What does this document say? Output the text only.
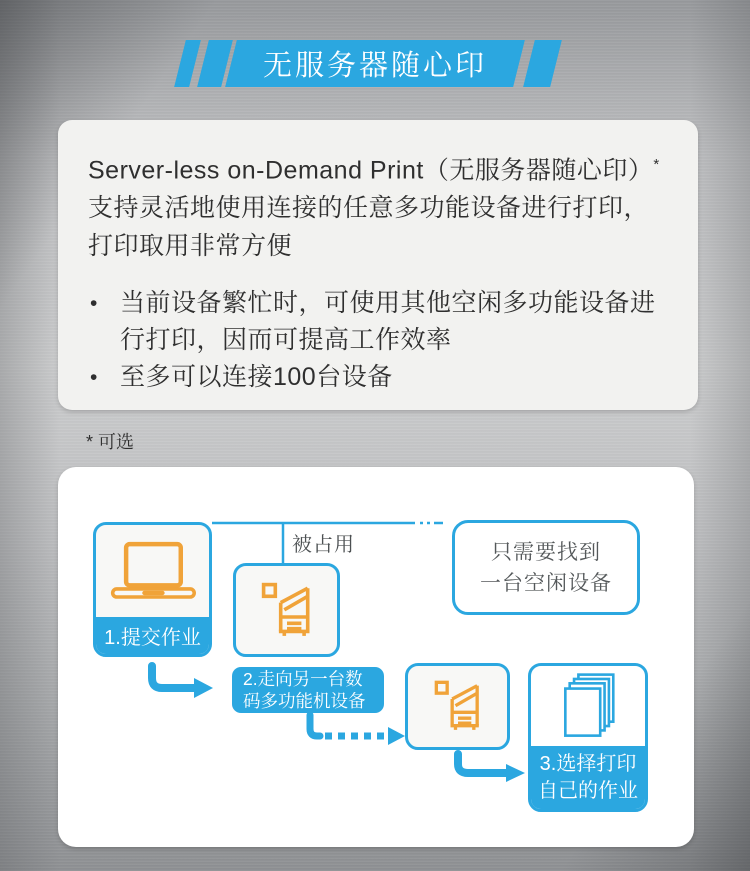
无服务器随心印

Server-less on-Demand Print（无服务器随心印）*
支持灵活地使用连接的任意多功能设备进行打印，打印取用非常方便

• 当前设备繁忙时，可使用其他空闲多功能设备进行打印，因而可提高工作效率
• 至多可以连接100台设备
* 可选
被占用
1.提交作业
2.走向另一台数
码多功能机设备
只需要找到
一台空闲设备
3.选择打印
自己的作业
